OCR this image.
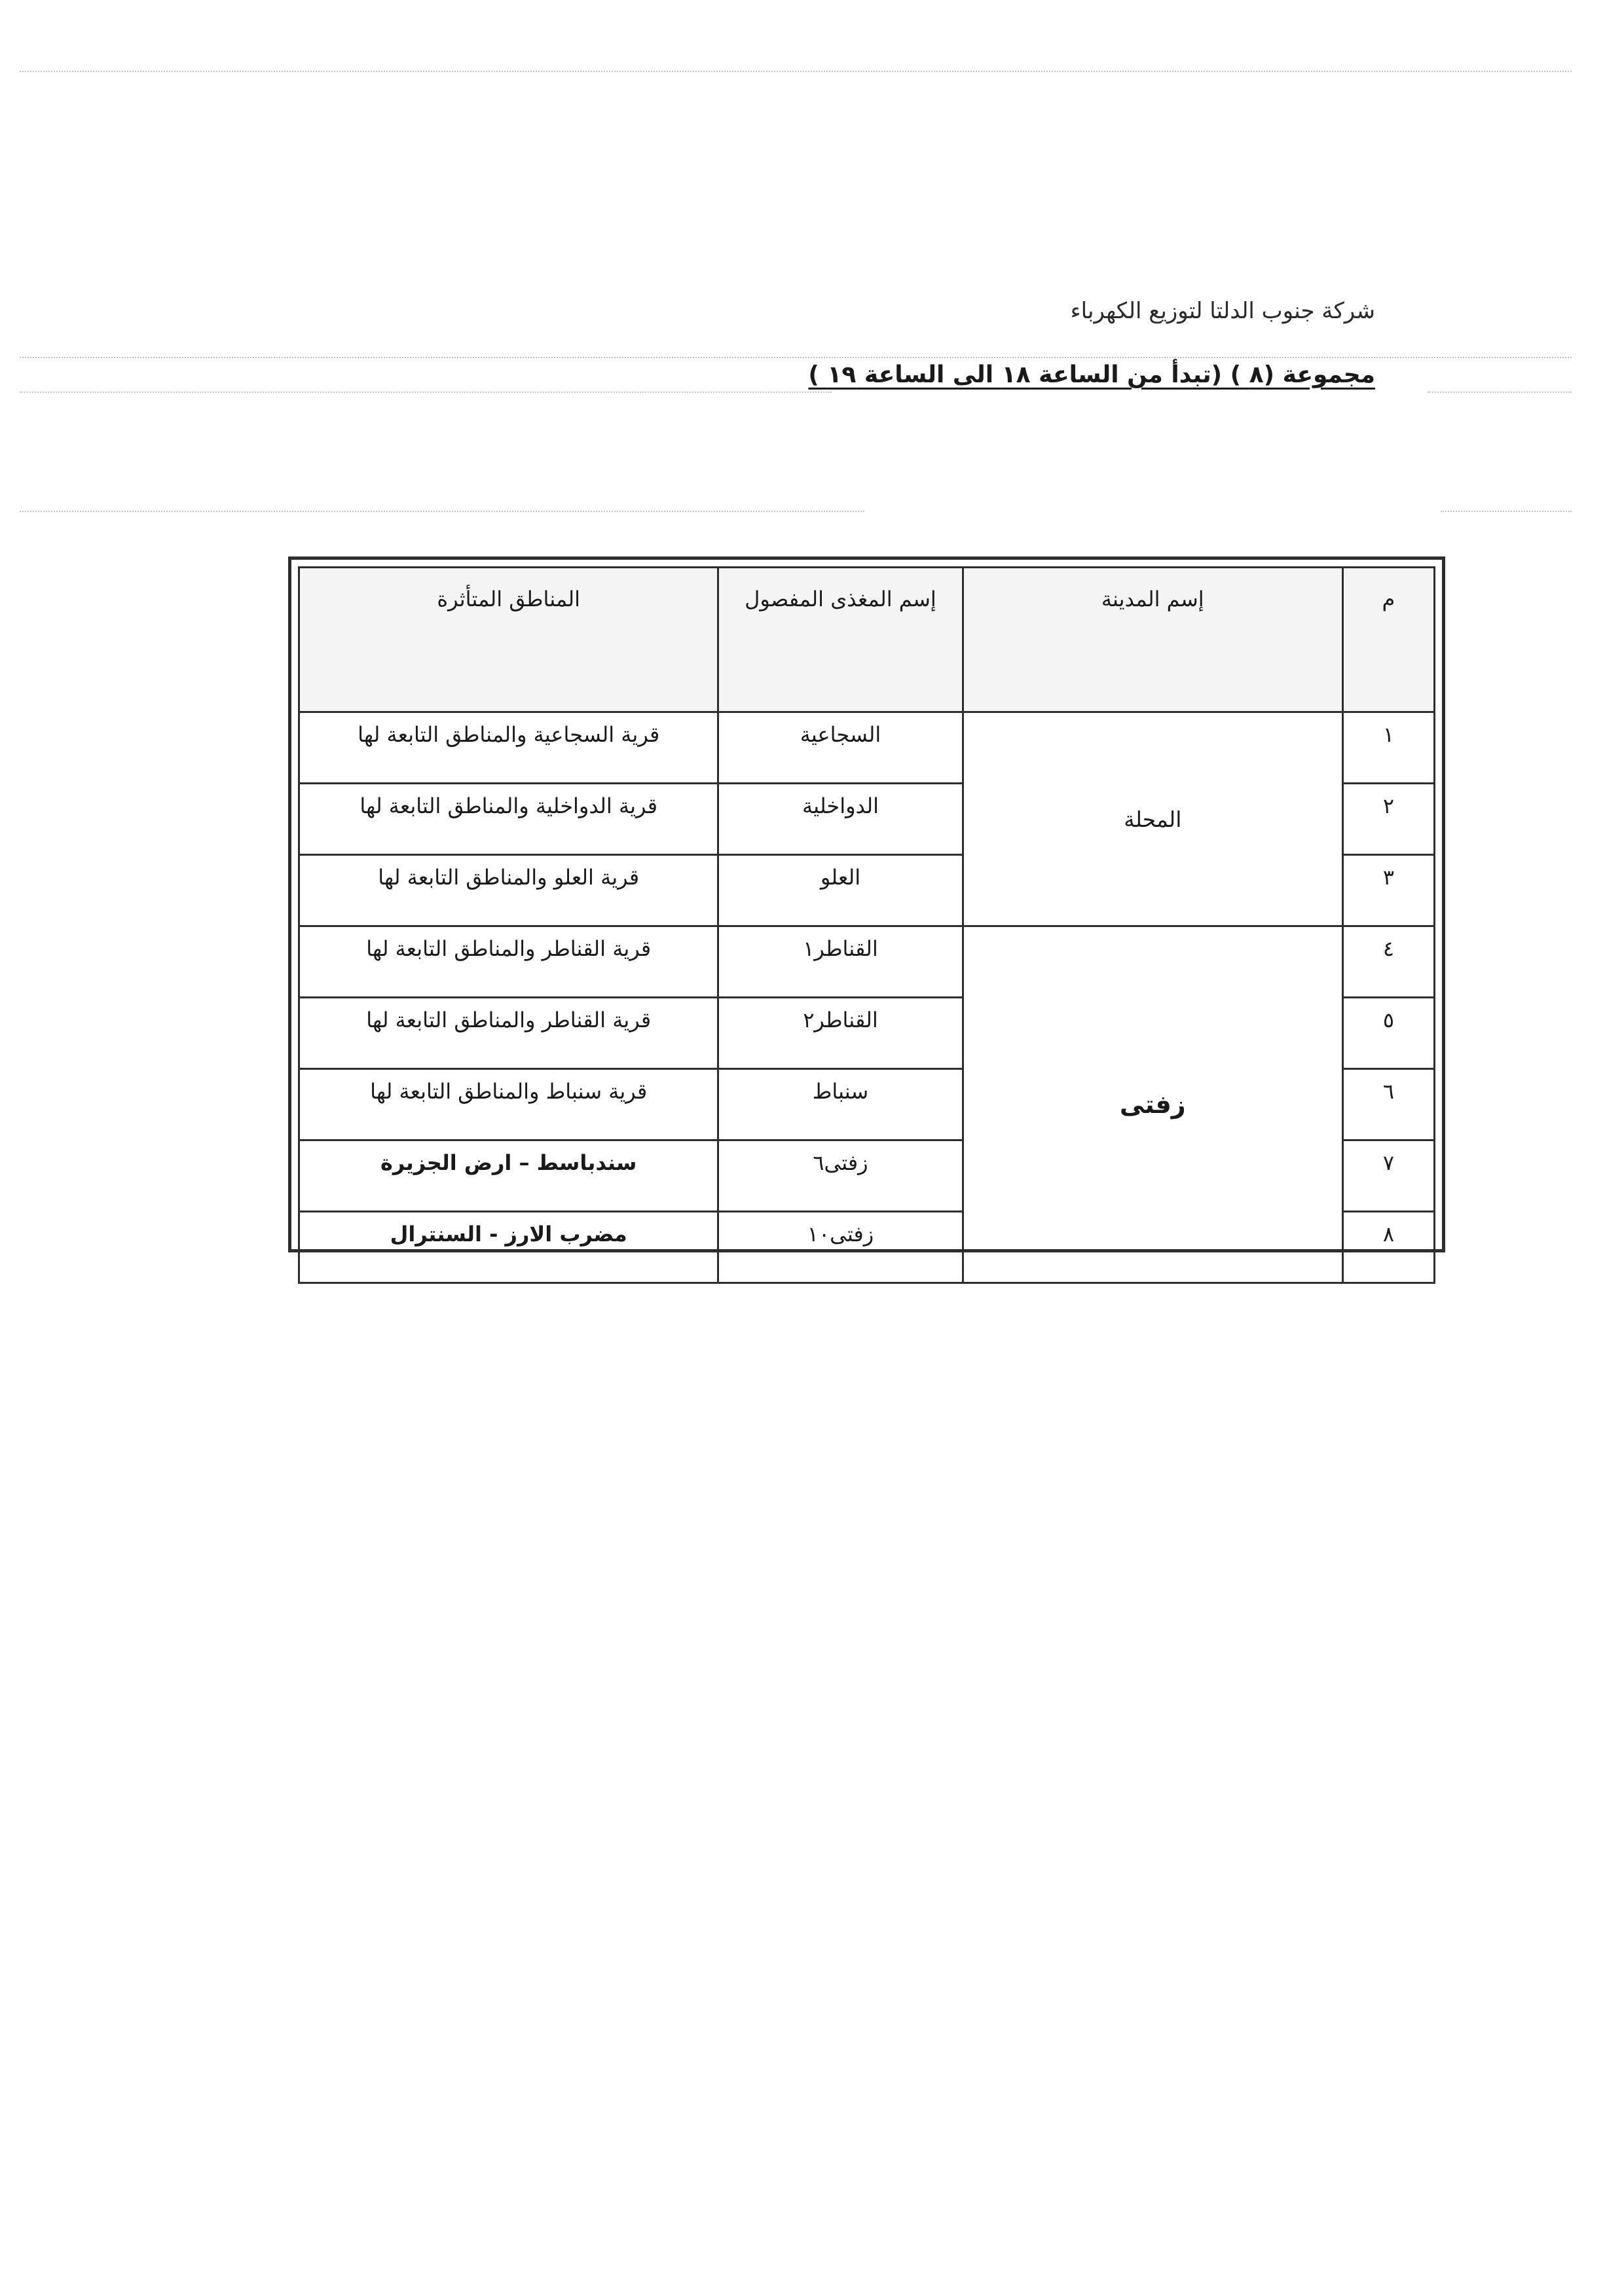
شركة جنوب الدلتا لتوزيع الكهرباء
مجموعة (٨ ) (تبدأ من الساعة ١٨ الى الساعة ١٩ )
م	إسم المدينة	إسم المغذى المفصول	المناطق المتأثرة
١	المحلة	السجاعية	قرية السجاعية والمناطق التابعة لها
٢		الدواخلية	قرية الدواخلية والمناطق التابعة لها
٣		العلو	قرية العلو والمناطق التابعة لها
٤	زفتى	القناطر١	قرية القناطر والمناطق التابعة لها
٥		القناطر٢	قرية القناطر والمناطق التابعة لها
٦		سنباط	قرية سنباط والمناطق التابعة لها
٧		زفتى٦	سندباسط – ارض الجزيرة
٨		زفتى١٠	مضرب الارز - السنترال
